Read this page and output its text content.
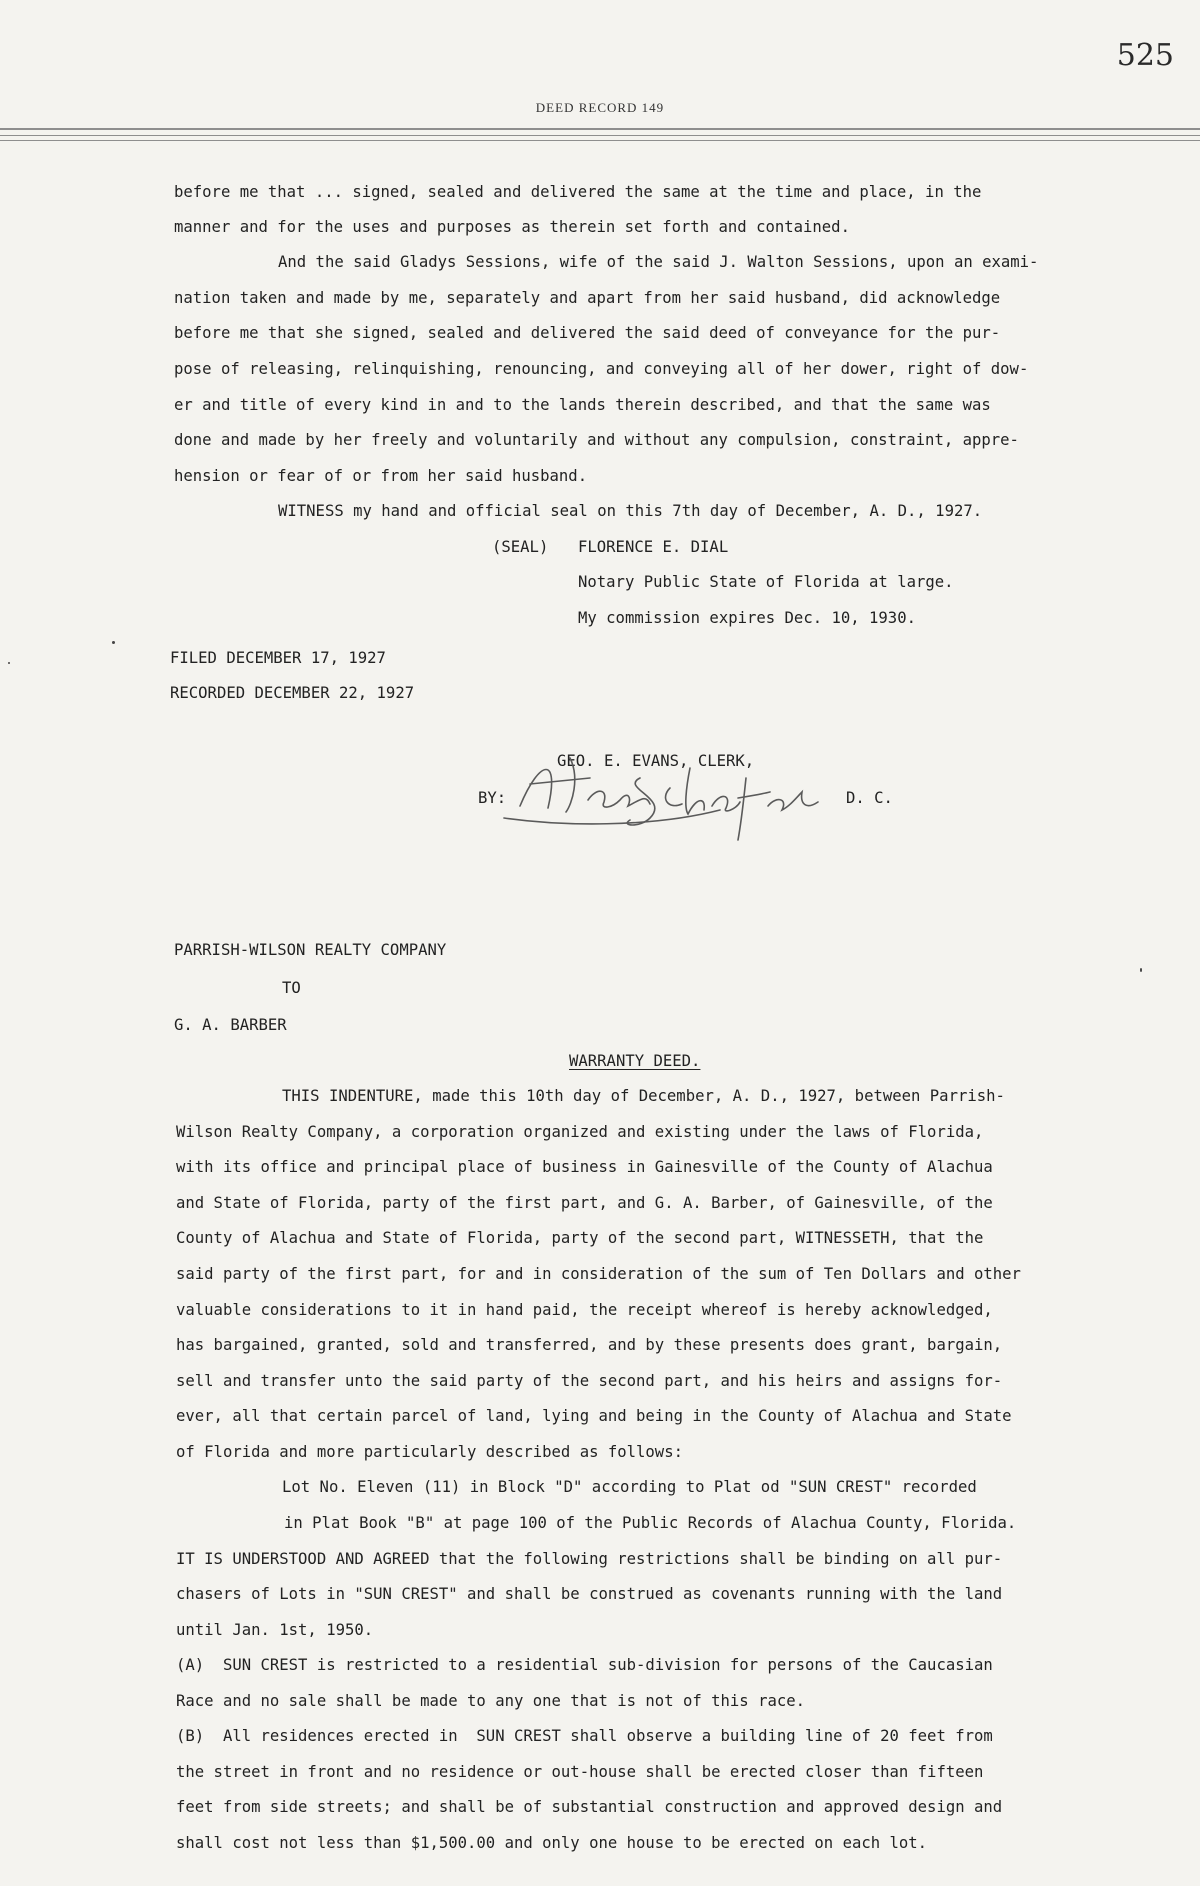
525
DEED RECORD 149
before me that ... signed, sealed and delivered the same at the time and place, in the
manner and for the uses and purposes as therein set forth and contained.
And the said Gladys Sessions, wife of the said J. Walton Sessions, upon an exami-
nation taken and made by me, separately and apart from her said husband, did acknowledge
before me that she signed, sealed and delivered the said deed of conveyance for the pur-
pose of releasing, relinquishing, renouncing, and conveying all of her dower, right of dow-
er and title of every kind in and to the lands therein described, and that the same was
done and made by her freely and voluntarily and without any compulsion, constraint, appre-
hension or fear of or from her said husband.
WITNESS my hand and official seal on this 7th day of December, A. D., 1927.
(SEAL) FLORENCE E. DIAL
Notary Public State of Florida at large.
My commission expires Dec. 10, 1930.
FILED DECEMBER 17, 1927
RECORDED DECEMBER 22, 1927
GEO. E. EVANS, CLERK,
BY:	D. C.
PARRISH-WILSON REALTY COMPANY
TO
G. A. BARBER
WARRANTY DEED.
THIS INDENTURE, made this 10th day of December, A. D., 1927, between Parrish-
Wilson Realty Company, a corporation organized and existing under the laws of Florida,
with its office and principal place of business in Gainesville of the County of Alachua
and State of Florida, party of the first part, and G. A. Barber, of Gainesville, of the
County of Alachua and State of Florida, party of the second part, WITNESSETH, that the
said party of the first part, for and in consideration of the sum of Ten Dollars and other
valuable considerations to it in hand paid, the receipt whereof is hereby acknowledged,
has bargained, granted, sold and transferred, and by these presents does grant, bargain,
sell and transfer unto the said party of the second part, and his heirs and assigns for-
ever, all that certain parcel of land, lying and being in the County of Alachua and State
of Florida and more particularly described as follows:
Lot No. Eleven (11) in Block "D" according to Plat od "SUN CREST" recorded
in Plat Book "B" at page 100 of the Public Records of Alachua County, Florida.
IT IS UNDERSTOOD AND AGREED that the following restrictions shall be binding on all pur-
chasers of Lots in "SUN CREST" and shall be construed as covenants running with the land
until Jan. 1st, 1950.
(A)  SUN CREST is restricted to a residential sub-division for persons of the Caucasian
Race and no sale shall be made to any one that is not of this race.
(B)  All residences erected in  SUN CREST shall observe a building line of 20 feet from
the street in front and no residence or out-house shall be erected closer than fifteen
feet from side streets; and shall be of substantial construction and approved design and
shall cost not less than $1,500.00 and only one house to be erected on each lot.
